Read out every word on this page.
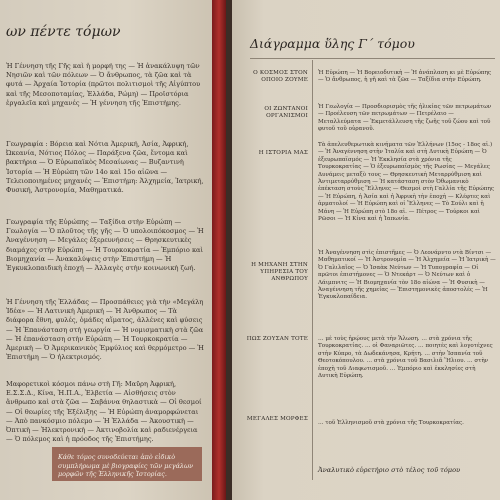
ων πέντε τόμων
Ἡ Γέννηση τῆς Γῆς καὶ ἡ μορφή της — Ἡ ἀνακάλυψη τῶν Νησιῶν καὶ τῶν πόλεων — Ὁ ἄνθρωπος, τὰ ζῶα καὶ τὰ φυτά — Ἀρχαία Ἱστορία (πρῶτοι πολιτισμοὶ τῆς Αἰγύπτου καὶ τῆς Μεσοποταμίας, Ἑλλάδα, Ρώμη) — Προϊστόρια ἐργαλεῖα καὶ μηχανές — Ἡ γέννηση τῆς Ἐπιστήμης.
Γεωγραφία : Βόρεια καὶ Νότια Ἀμερική, Ἀσία, Ἀφρική, Ὠκεανία, Νότιος Πόλος — Παράξενα ζῶα, ἔντομα καὶ βακτήρια — Ὁ Εὐρωπαϊκὸς Μεσαίωνας — Βυζαντινὴ Ἱστορία — Ἡ Εὐρώπη τῶν 14ο καὶ 15ο αἰῶνα — Τελειοποιημένες μηχανές — Ἐπιστήμη: Ἀλχημεία, Ἰατρική, Φυσική, Ἀστρονομία, Μαθηματικά.
Γεωγραφία τῆς Εὐρώπης — Ταξίδια στὴν Εὐρώπη — Γεωλογία — Ὁ πλοῦτος τῆς γῆς — Ὁ υπολοιπόκοσμος — Ἡ Ἀναγέννηση — Μεγάλες ἐξερευνήσεις — Θρησκευτικὲς διαμάχες στὴν Εὐρώπη — Ἡ Τουρκοκρατία — Ἐμπόριο καὶ Βιομηχανία — Ἀνακαλύψεις στὴν Ἐπιστήμη — Ἡ Ἐγκυκλοπαιδικὴ ἐποχή — Ἀλλαγὲς στὴν κοινωνικὴ ζωή.
Ἡ Γέννηση τῆς Ἑλλάδας — Προσπάθειες γιὰ τὴν «Μεγάλη Ἰδέα» — Ἡ Λατινικὴ Ἀμερική — Ἡ Ἀνθρωπος — Τὰ διάφορα ἔθνη, φυλές, ὁμάδες αἵματος, ἀλλένες καὶ φύσεις — Ἡ Ἐπανάσταση στὴ γεωργία — Ἡ νομισματικὴ στὰ ζῶα — Ἡ ἐπανάσταση στὴν Εὐρώπη — Ἡ Τουρκοκρατία — Ἀμερικὴ — Ὁ Ἀμερικανικὸς Ἐμφύλιος καὶ θερμόμετρο — Ἡ Ἐπιστήμη — Ὁ ἠλεκτρισμός.
Μαφορετικοὶ κόσμοι πάνω στὴ Γῆ: Μαῦρη Ἀφρική, Ε.Σ.Σ.Δ., Κίνα, Ἡ.Π.Α., Ἑλβετία — Αἰσθήσεις στὸν ἄνθρωπο καὶ στὰ ζῶα — Σαβάννα θηλαστικὰ — Οἱ θεσμοί — Οἱ θεωρίες τῆς Ἐξέλιξης — Ἡ Εὐρώπη ἀναμορφώνεται — Ἀπὸ πανκόσμιο πόλεμο — Ἡ Ἑλλάδα — Ἀκουστικὴ — Ὀπτικὴ — Ἠλεκτρονικὴ — Ἀκτινοβολία καὶ ραδιενέργεια — Ὁ πόλεμος καὶ ἡ πρόοδος τῆς Ἐπιστήμης.
Κάθε τόμος συνοδεύεται ἀπὸ εἰδικὸ συμπλήρωμα μὲ βιογραφίες τῶν μεγάλων μορφῶν τῆς Ἑλληνικῆς Ἱστορίας.
Διάγραμμα ὕλης Γ΄ τόμου
Ο ΚΟΣΜΟΣ ΣΤΟΝ ΟΠΟΙΟ ΖΟΥΜΕ
Ἡ Εὐρώπη — Ἡ Βορειοδυτικὴ — Ἡ ἀνάπλαση κι μὲ Εὐρώπης — Ὁ ἄνθρωπος, ἡ γῆ καὶ τὰ ζῶα — Ταξίδια στὴν Εὐρώπη.
ΟΙ ΖΩΝΤΑΝΟΙ ΟΡΓΑΝΙΣΜΟΙ
Ἡ Γεωλογία — Προσδιορισμὸς τῆς ἡλικίας τῶν πετρωμάτων — Προέλευση τῶν πετρωμάτων — Πετρέλαιο — Μεταλλεύματα — Ἐκμετάλλευση τῆς ζωῆς τοῦ ζώου καὶ τοῦ φυτοῦ τοῦ οὐρανοῦ.
Η ΙΣΤΟΡΙΑ ΜΑΣ
Τὰ ἀπελευθερωτικὰ κινήματα τῶν Ἑλλήνων (15ος - 18ος αἰ.) — Ἡ Ἀναγέννηση στὴν Ἰταλία καὶ στὴ Δυτικὴ Εὐρώπη — Ὁ ἐξευρωπαϊσμός — Ἡ Ἐκκλησία στὰ χρόνια τῆς Τουρκοκρατίας — Ὁ ἐξευρωπαϊσμὸς τῆς Ρωσίας — Μεγάλες Δυνάμεις μεταξὺ τους — Θρησκευτικὴ Μεταρρύθμιση καὶ Ἀντιμεταρρύθμιση — Ἡ κατάσταση στὸν Ὀθωμανικὸ ἐπέκταση στοὺς Ἕλληνες — Θεσμοὶ στὴ Γαλλία τῆς Εὐρώπης — Ἡ Εὐρώπη, ἡ Ἀσία καὶ ἡ Ἀφρικὴ τὴν ἐποχὴ — Κλέφτες καὶ ἀρματολοί — Ἡ Εὐρώπη καὶ οἱ Ἕλληνες — Τὸ Σούλι καὶ ἡ Μάνη — Ἡ Εὐρώπη στὸ 18ο αἰ. — Πέτρος — Τούρκοι καὶ Ρῶσοι — Ἡ Κίνα καὶ ἡ Ἰαπωνία.
Η ΜΗΧΑΝΗ ΣΤΗΝ ΥΠΗΡΕΣΙΑ ΤΟΥ ΑΝΘΡΩΠΟΥ
Ἡ Ἀναγέννηση στὶς ἐπιστῆμες — Ὁ Λεονάρντο ντὰ Βίντσι — Μαθηματικοί — Ἡ Ἀστρονομία — Ἡ Ἀλχημεία — Ἡ Ἰατρικὴ — Ὁ Γαλιλαῖος — Ὁ Ἰσαὰκ Νεύτων — Ἡ Τυπογραφία — Οἱ πρῶτοι ἐπιστήμονες — Ὁ Ντεκάρτ — Ὁ Νεύτων καὶ ὁ Λάιμπνιτς — Ἡ Βιομηχανία τὸν 18ο αἰώνα — Ἡ Φυσικὴ — Ἀναγέννηση τῆς χημείας — Ἐπιστημονικὲς ἀποστολές — Ἡ Ἐγκυκλοπαίδεια.
ΠΩΣ ΖΟΥΣΑΝ ΤΟΤΕ … μὲ τοὺς ἡρῴους μετὰ τὴν Ἅλωση. … στὰ χρόνια τῆς Τουρκοκρατίας. … οἱ Φαναριῶτες. … ποιητὲς καὶ λογοτέχνες στὴν Κύπρο, τὰ Δωδεκάνησα, Κρήτη. … στὴν Ἰσπανία τοῦ Θεοτοκόπουλου. … στὰ χρόνια τοῦ Βασιλιᾶ Ἥλιου. … στὴν ἐποχὴ τοῦ Διαφωτισμοῦ. … Ἐμπόριο καὶ ἐκκλησίες στὴ Δυτικὴ Εὐρώπη.
ΜΕΓΑΛΕΣ ΜΟΡΦΕΣ
… τοῦ Ἑλληνισμοῦ στὰ χρόνια τῆς Τουρκοκρατίας.
Ἀναλυτικὸ εὑρετήριο στὸ τέλος τοῦ τόμου
